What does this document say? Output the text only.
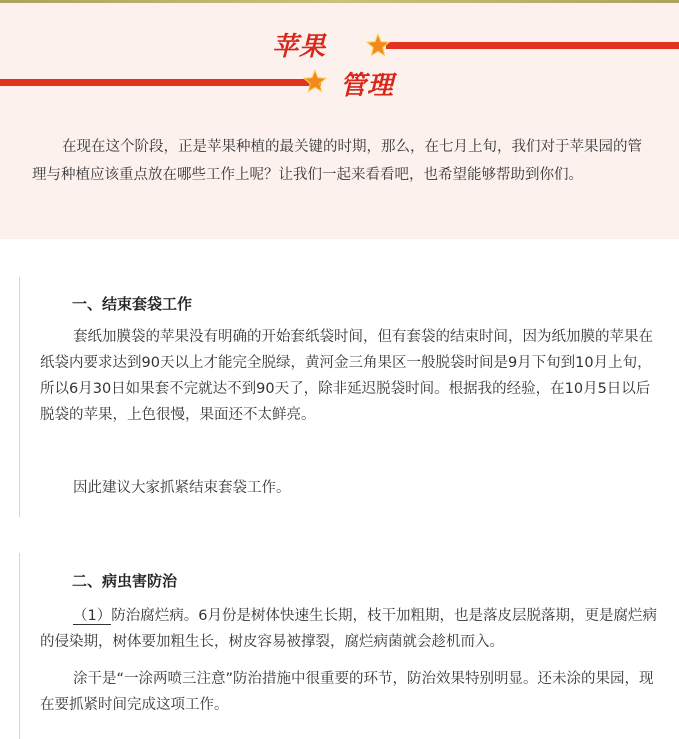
苹果
管理

在现在这个阶段，正是苹果种植的最关键的时期，那么，在七月上旬，我们对于苹果园的管理与种植应该重点放在哪些工作上呢？让我们一起来看看吧，也希望能够帮助到你们。

一、结束套袋工作

套纸加膜袋的苹果没有明确的开始套纸袋时间，但有套袋的结束时间，因为纸加膜的苹果在纸袋内要求达到90天以上才能完全脱绿，黄河金三角果区一般脱袋时间是9月下旬到10月上旬，所以6月30日如果套不完就达不到90天了，除非延迟脱袋时间。根据我的经验，在10月5日以后脱袋的苹果，上色很慢，果面还不太鲜亮。

因此建议大家抓紧结束套袋工作。

二、病虫害防治

（1）防治腐烂病。6月份是树体快速生长期，枝干加粗期，也是落皮层脱落期，更是腐烂病的侵染期，树体要加粗生长，树皮容易被撑裂，腐烂病菌就会趁机而入。

涂干是“一涂两喷三注意”防治措施中很重要的环节，防治效果特别明显。还未涂的果园，现在要抓紧时间完成这项工作。
